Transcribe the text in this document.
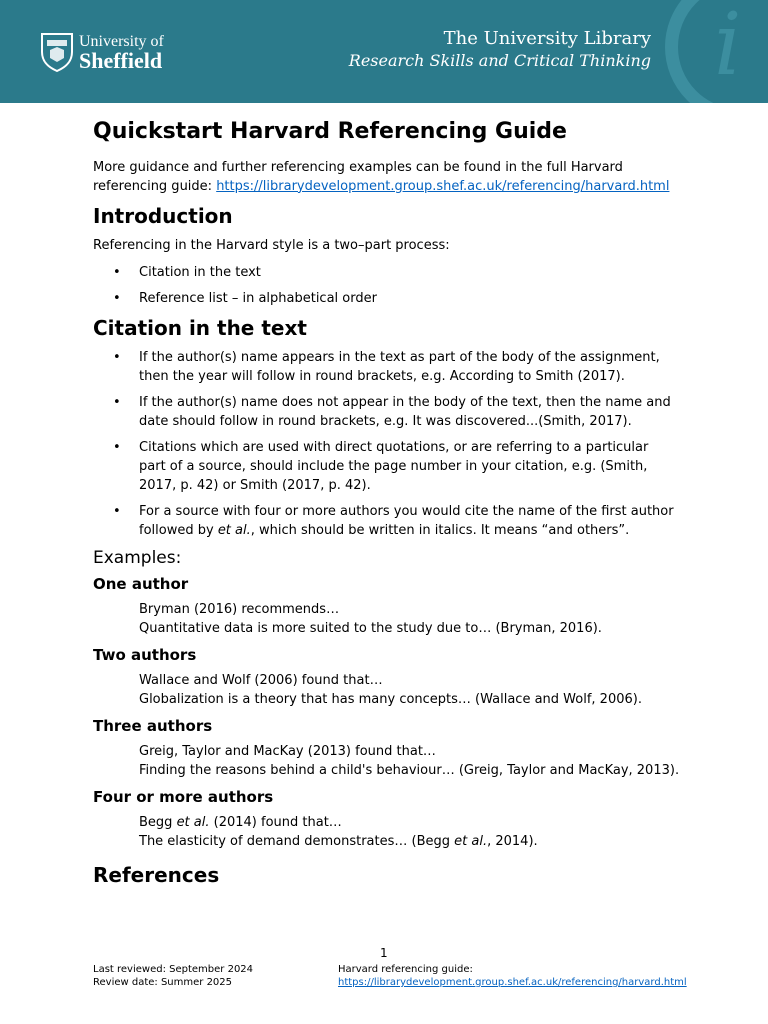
i
University of
Sheffield
The University Library
Research Skills and Critical Thinking
Quickstart Harvard Referencing Guide

More guidance and further referencing examples can be found in the full Harvard referencing guide: https://librarydevelopment.group.shef.ac.uk/referencing/harvard.html

Introduction

Referencing in the Harvard style is a two–part process:

• Citation in the text
• Reference list – in alphabetical order
Citation in the text
• If the author(s) name appears in the text as part of the body of the assignment, then the year will follow in round brackets, e.g. According to Smith (2017).
• If the author(s) name does not appear in the body of the text, then the name and date should follow in round brackets, e.g. It was discovered...(Smith, 2017).
• Citations which are used with direct quotations, or are referring to a particular part of a source, should include the page number in your citation, e.g. (Smith, 2017, p. 42) or Smith (2017, p. 42).
• For a source with four or more authors you would cite the name of the first author followed by et al., which should be written in italics. It means “and others”.
Examples:
One author
Bryman (2016) recommends…
Quantitative data is more suited to the study due to… (Bryman, 2016).
Two authors
Wallace and Wolf (2006) found that…
Globalization is a theory that has many concepts… (Wallace and Wolf, 2006).
Three authors
Greig, Taylor and MacKay (2013) found that…
Finding the reasons behind a child's behaviour… (Greig, Taylor and MacKay, 2013).
Four or more authors
Begg et al. (2014) found that…
The elasticity of demand demonstrates… (Begg et al., 2014).
References
1
Last reviewed: September 2024
Review date: Summer 2025
Harvard referencing guide:
https://librarydevelopment.group.shef.ac.uk/referencing/harvard.html
